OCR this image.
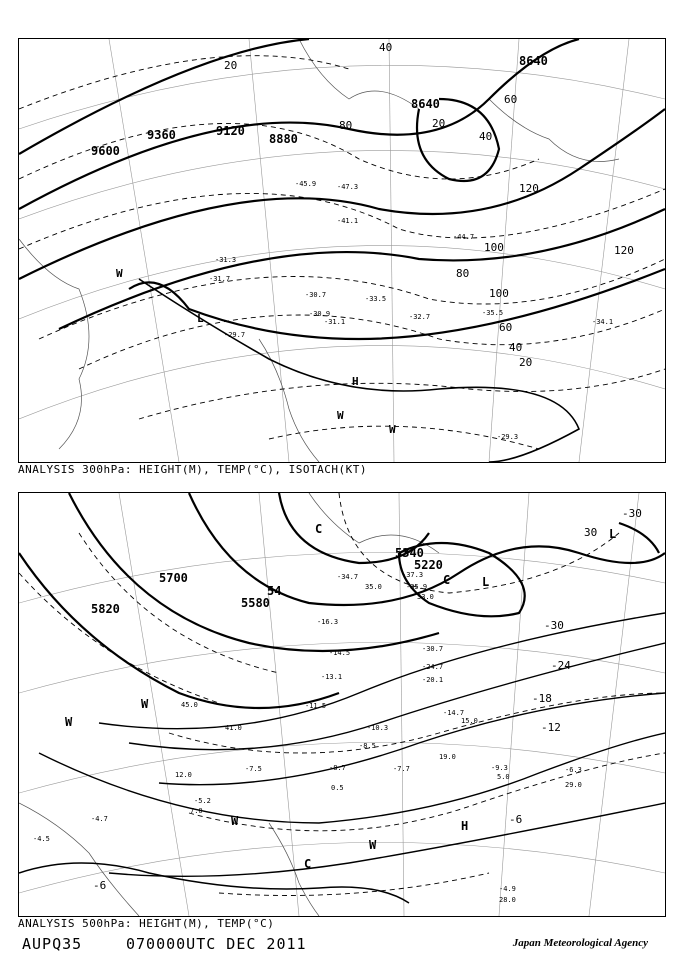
9360
9600
9120
8880
8640
8640
20
40
60
80
100	120
20
40
60
80
100
120
40
20
-31.3
-31.7
-33.5
-32.7
-29.7
-30.9
-45.9	-47.3
-41.1
-44.7
-30.7
-31.1
-35.5
-34.1
-29.3
H
W
W
W
L
ANALYSIS 300hPa: HEIGHT(M), TEMP(°C), ISOTACH(KT)
5700
5820	5580
5340
5220
54
-30
-24
-18
-12
-6
-30
30
-6
-37.3
-35.9
-34.7
-30.7
-24.7
-20.1
-16.3
-14.7
-10.3
-9.3
-8.7
-8.5
-7.7	-6.3
-5.2
-4.9
-4.5
-4.7
-7.5
-11.5
-13.1
-14.5
35.0
19.0
5.0
29.0
28.0
7.0
15.0
0.5
12.0
45.0
41.0
33.0
H
L
L
C
C
C
W
W
W
W
ANALYSIS 500hPa: HEIGHT(M), TEMP(°C)
AUPQ35	070000UTC DEC 2011	Japan Meteorological Agency
